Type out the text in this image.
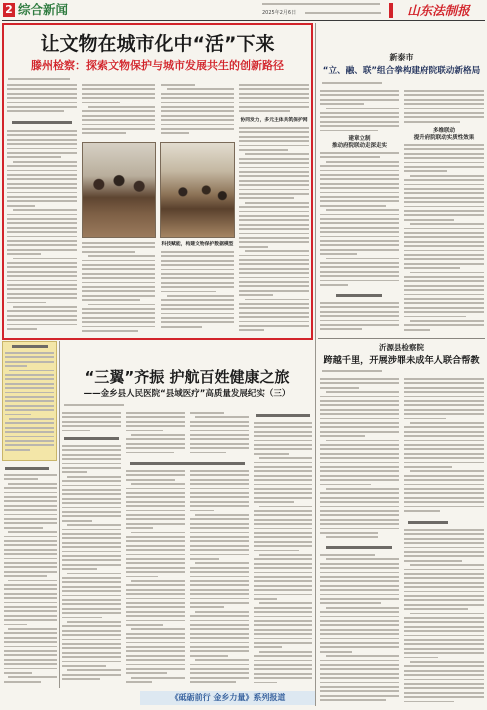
2 综合新闻	2025年2月6日	山东法制报
让文物在城市化中“活”下来
滕州检察：探索文物保护与城市发展共生的创新路径
科技赋能，构建文物保护数据模型
协同发力，多元主体共筑保护网
“三翼”齐振 护航百姓健康之旅
——金乡县人民医院“县域医疗”高质量发展纪实（三）
《砥砺前行 金乡力量》系列报道
新泰市
“立、融、联”组合拳构建府院联动新格局
建章立制
推动府院联动走深走实
多维联动
提升府院联动实质性效果
沂源县检察院
跨越千里，开展涉罪未成年人联合帮教
